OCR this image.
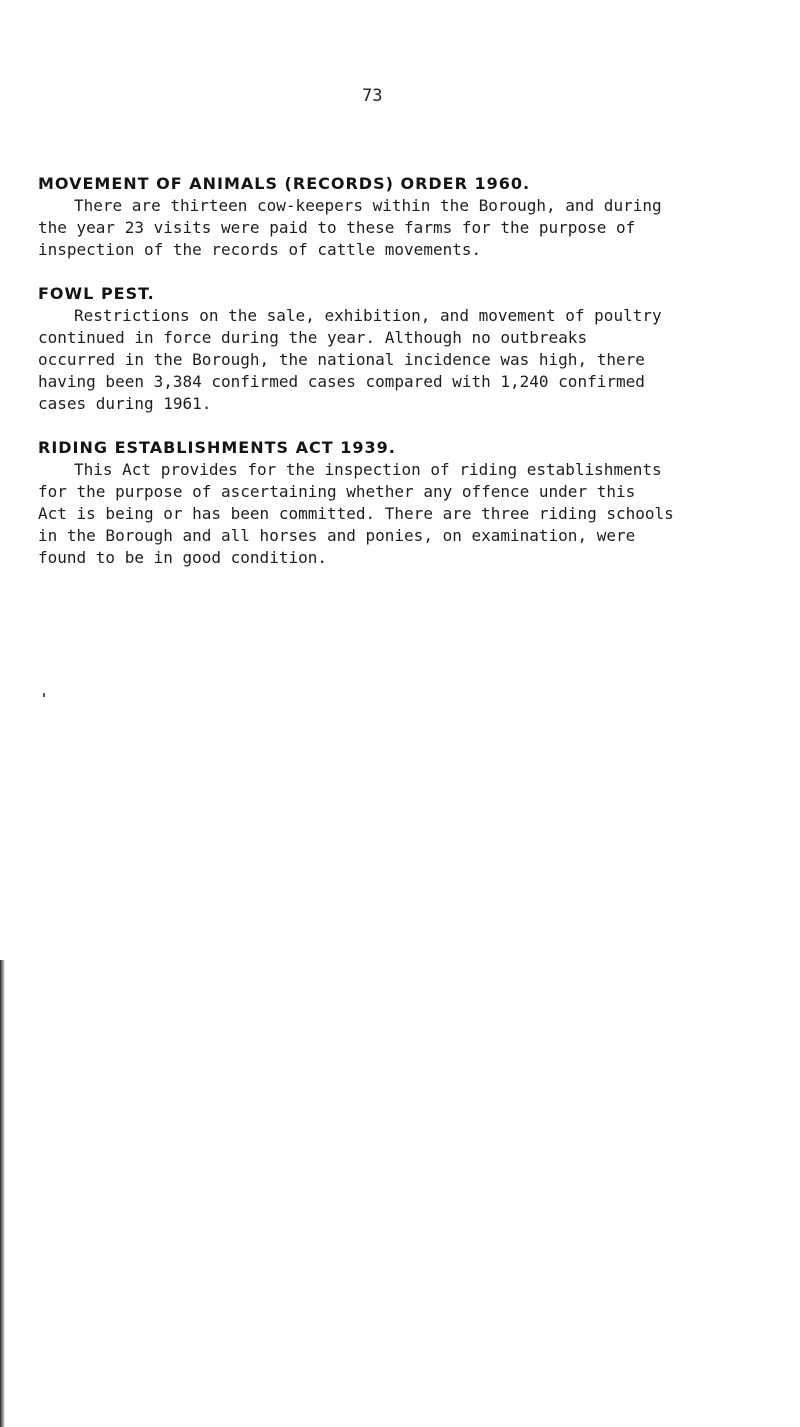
73
MOVEMENT OF ANIMALS (RECORDS) ORDER 1960.
There are thirteen cow-keepers within the Borough, and during
the year 23 visits were paid to these farms for the purpose of
inspection of the records of cattle movements.
FOWL PEST.
Restrictions on the sale, exhibition, and movement of poultry
continued in force during the year. Although no outbreaks
occurred in the Borough, the national incidence was high, there
having been 3,384 confirmed cases compared with 1,240 confirmed
cases during 1961.
RIDING ESTABLISHMENTS ACT 1939.
This Act provides for the inspection of riding establishments
for the purpose of ascertaining whether any offence under this
Act is being or has been committed. There are three riding schools
in the Borough and all horses and ponies, on examination, were
found to be in good condition.
